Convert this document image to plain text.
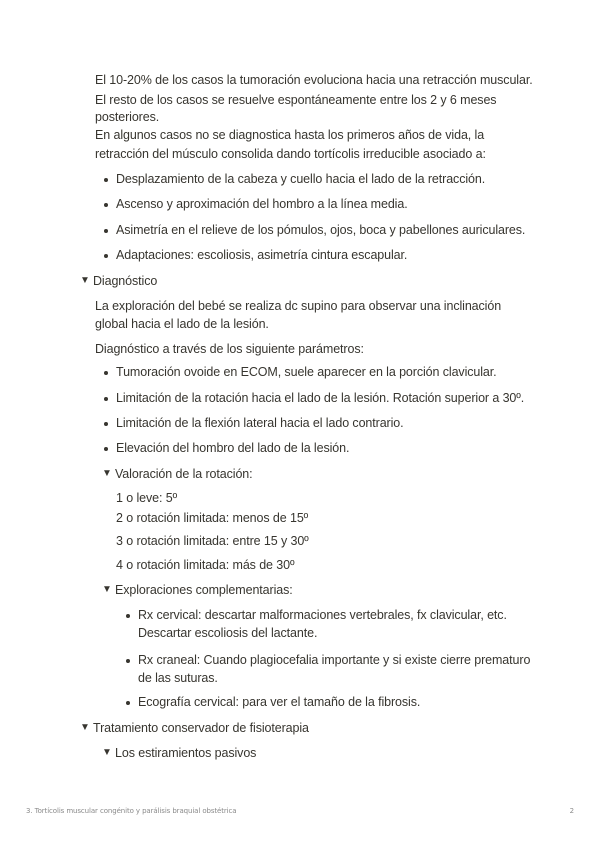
El 10-20% de los casos la tumoración evoluciona hacia una retracción muscular.

El resto de los casos se resuelve espontáneamente entre los 2 y 6 meses

posteriores.

En algunos casos no se diagnostica hasta los primeros años de vida, la

retracción del músculo consolida dando tortícolis irreducible asociado a:

Desplazamiento de la cabeza y cuello hacia el lado de la retracción.

Ascenso y aproximación del hombro a la línea media.

Asimetría en el relieve de los pómulos, ojos, boca y pabellones auriculares.

Adaptaciones: escoliosis, asimetría cintura escapular.

▼ Diagnóstico

La exploración del bebé se realiza dc supino para observar una inclinación

global hacia el lado de la lesión.

Diagnóstico a través de los siguiente parámetros:

Tumoración ovoide en ECOM, suele aparecer en la porción clavicular.

Limitación de la rotación hacia el lado de la lesión. Rotación superior a 30º.

Limitación de la flexión lateral hacia el lado contrario.

Elevación del hombro del lado de la lesión.

▼ Valoración de la rotación:

1 o leve: 5º

2 o rotación limitada: menos de 15º

3 o rotación limitada: entre 15 y 30º

4 o rotación limitada: más de 30º

▼ Exploraciones complementarias:

Rx cervical: descartar malformaciones vertebrales, fx clavicular, etc.

Descartar escoliosis del lactante.

Rx craneal: Cuando plagiocefalia importante y si existe cierre prematuro

de las suturas.

Ecografía cervical: para ver el tamaño de la fibrosis.

▼ Tratamiento conservador de fisioterapia

▼ Los estiramientos pasivos

3. Tortícolis muscular congénito y parálisis braquial obstétrica	2
